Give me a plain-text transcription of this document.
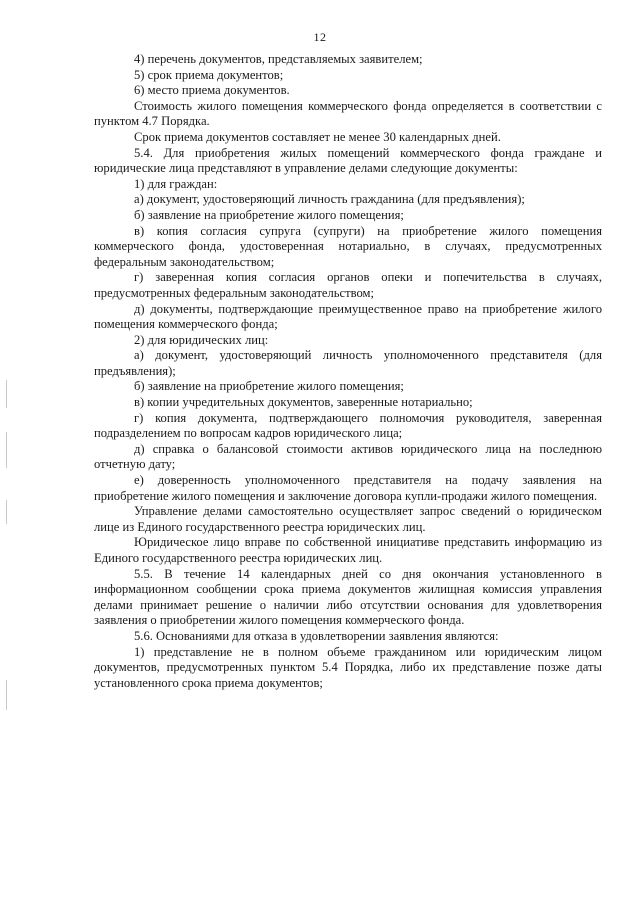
12

4) перечень документов, представляемых заявителем;

5) срок приема документов;

6) место приема документов.

Стоимость жилого помещения коммерческого фонда определяется в соответствии с пунктом 4.7 Порядка.

Срок приема документов составляет не менее 30 календарных дней.

5.4. Для приобретения жилых помещений коммерческого фонда граждане и юридические лица представляют в управление делами следующие документы:

1) для граждан:

а) документ, удостоверяющий личность гражданина (для предъявления);

б) заявление на приобретение жилого помещения;

в) копия согласия супруга (супруги) на приобретение жилого помещения коммерческого фонда, удостоверенная нотариально, в случаях, предусмотренных федеральным законодательством;

г) заверенная копия согласия органов опеки и попечительства в случаях, предусмотренных федеральным законодательством;

д) документы, подтверждающие преимущественное право на приобретение жилого помещения коммерческого фонда;

2) для юридических лиц:

а) документ, удостоверяющий личность уполномоченного представителя (для предъявления);

б) заявление на приобретение жилого помещения;

в) копии учредительных документов, заверенные нотариально;

г) копия документа, подтверждающего полномочия руководителя, заверенная подразделением по вопросам кадров юридического лица;

д) справка о балансовой стоимости активов юридического лица на последнюю отчетную дату;

е) доверенность уполномоченного представителя на подачу заявления на приобретение жилого помещения и заключение договора купли-продажи жилого помещения.

Управление делами самостоятельно осуществляет запрос сведений о юридическом лице из Единого государственного реестра юридических лиц.

Юридическое лицо вправе по собственной инициативе представить информацию из Единого государственного реестра юридических лиц.

5.5. В течение 14 календарных дней со дня окончания установленного в информационном сообщении срока приема документов жилищная комиссия управления делами принимает решение о наличии либо отсутствии основания для удовлетворения заявления о приобретении жилого помещения коммерческого фонда.

5.6. Основаниями для отказа в удовлетворении заявления являются:

1) представление не в полном объеме гражданином или юридическим лицом документов, предусмотренных пунктом 5.4 Порядка, либо их представление позже даты установленного срока приема документов;
